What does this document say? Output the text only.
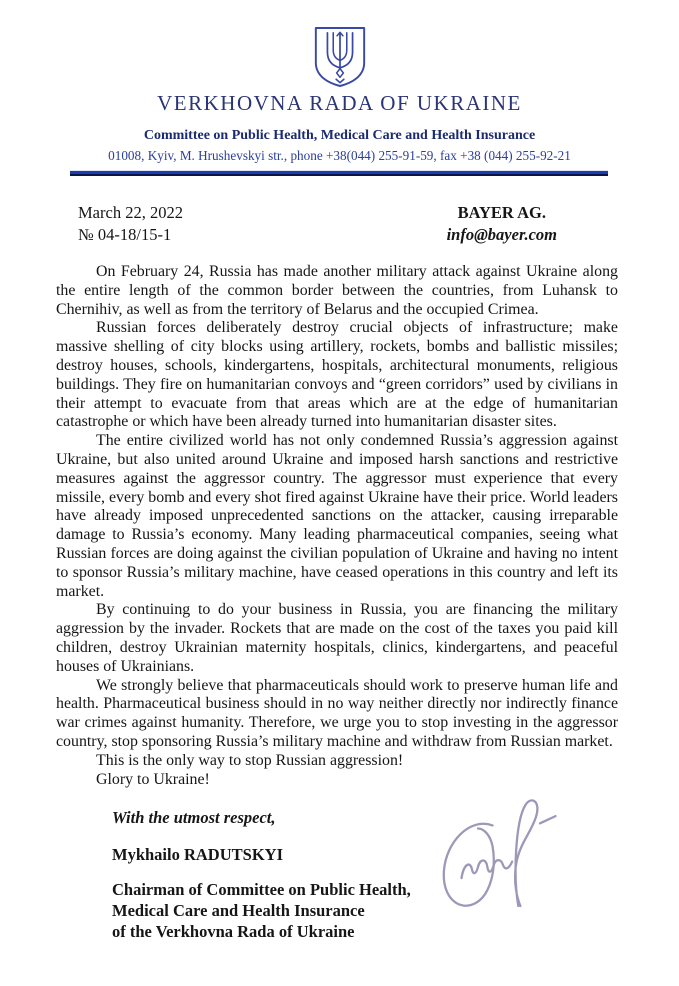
VERKHOVNA RADA OF UKRAINE
Committee on Public Health, Medical Care and Health Insurance
01008, Kyiv, M. Hrushevskyi str., phone +38(044) 255-91-59, fax +38 (044) 255-92-21
March 22, 2022
№ 04-18/15-1
BAYER AG.
info@bayer.com

On February 24, Russia has made another military attack against Ukraine along the entire length of the common border between the countries, from Luhansk to Chernihiv, as well as from the territory of Belarus and the occupied Crimea.

Russian forces deliberately destroy crucial objects of infrastructure; make massive shelling of city blocks using artillery, rockets, bombs and ballistic missiles; destroy houses, schools, kindergartens, hospitals, architectural monuments, religious buildings. They fire on humanitarian convoys and “green corridors” used by civilians in their attempt to evacuate from that areas which are at the edge of humanitarian catastrophe or which have been already turned into humanitarian disaster sites.

The entire civilized world has not only condemned Russia’s aggression against Ukraine, but also united around Ukraine and imposed harsh sanctions and restrictive measures against the aggressor country. The aggressor must experience that every missile, every bomb and every shot fired against Ukraine have their price. World leaders have already imposed unprecedented sanctions on the attacker, causing irreparable damage to Russia’s economy. Many leading pharmaceutical companies, seeing what Russian forces are doing against the civilian population of Ukraine and having no intent to sponsor Russia’s military machine, have ceased operations in this country and left its market.

By continuing to do your business in Russia, you are financing the military aggression by the invader. Rockets that are made on the cost of the taxes you paid kill children, destroy Ukrainian maternity hospitals, clinics, kindergartens, and peaceful houses of Ukrainians.

We strongly believe that pharmaceuticals should work to preserve human life and health. Pharmaceutical business should in no way neither directly nor indirectly finance war crimes against humanity. Therefore, we urge you to stop investing in the aggressor country, stop sponsoring Russia’s military machine and withdraw from Russian market.

This is the only way to stop Russian aggression!

Glory to Ukraine!

With the utmost respect,
Mykhailo RADUTSKYI
Chairman of Committee on Public Health,
Medical Care and Health Insurance
of the Verkhovna Rada of Ukraine
